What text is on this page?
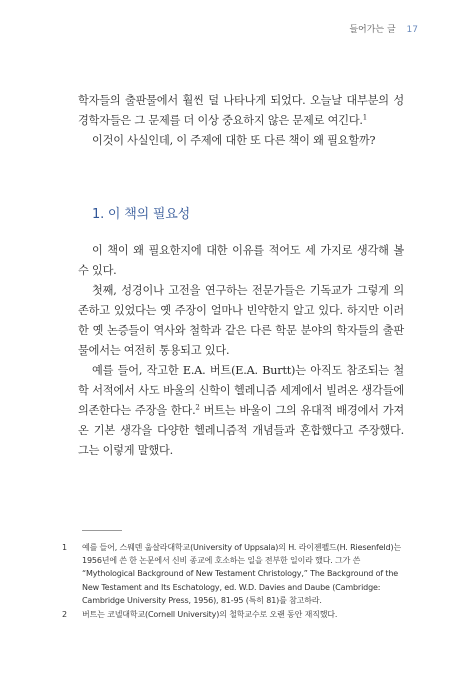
들어가는 글 17

학자들의 출판물에서 훨씬 덜 나타나게 되었다. 오늘날 대부분의 성경학자들은 그 문제를 더 이상 중요하지 않은 문제로 여긴다.$^1$

이것이 사실인데, 이 주제에 대한 또 다른 책이 왜 필요할까?

1. 이 책의 필요성

이 책이 왜 필요한지에 대한 이유를 적어도 세 가지로 생각해 볼 수 있다.

첫째, 성경이나 고전을 연구하는 전문가들은 기독교가 그렇게 의존하고 있었다는 옛 주장이 얼마나 빈약한지 알고 있다. 하지만 이러한 옛 논증들이 역사와 철학과 같은 다른 학문 분야의 학자들의 출판물에서는 여전히 통용되고 있다.

예를 들어, 작고한 E.A. 버트(E.A. Burtt)는 아직도 참조되는 철학 서적에서 사도 바울의 신학이 헬레니즘 세계에서 빌려온 생각들에 의존한다는 주장을 한다.$^2$ 버트는 바울이 그의 유대적 배경에서 가져온 기본 생각을 다양한 헬레니즘적 개념들과 혼합했다고 주장했다. 그는 이렇게 말했다.

1	예를 들어, 스웨덴 웁살라대학교(University of Uppsala)의 H. 라이젠펠드(H. Riesenfeld)는 1956년에 쓴 한 논문에서 신비 종교에 호소하는 일을 전부한 일이라 했다. 그가 쓴 “Mythological Background of New Testament Christology,” The Background of the New Testament and Its Eschatology, ed. W.D. Davies and Daube (Cambridge: Cambridge University Press, 1956), 81-95 (특히 81)를 참고하라.
2	버트는 코넬대학교(Cornell University)의 철학교수로 오랜 동안 재직했다.
